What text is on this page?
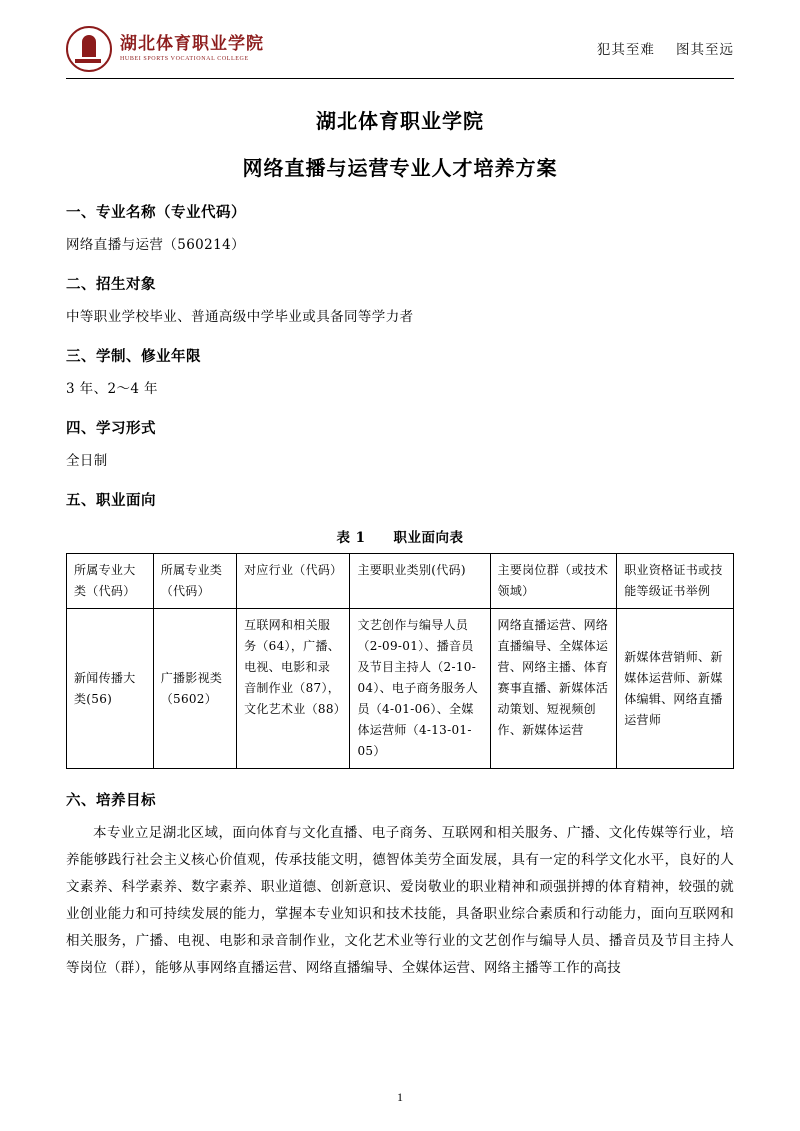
湖北体育职业学院
HUBEI SPORTS VOCATIONAL COLLEGE
犯其至难    图其至远
湖北体育职业学院
网络直播与运营专业人才培养方案
一、专业名称（专业代码）
网络直播与运营（560214）
二、招生对象
中等职业学校毕业、普通高级中学毕业或具备同等学力者
三、学制、修业年限
3 年、2～4 年
四、学习形式
全日制
五、职业面向
表 1　　职业面向表
所属专业大类（代码）	所属专业类（代码）	对应行业（代码）	主要职业类别(代码)	主要岗位群（或技术领域）	职业资格证书或技能等级证书举例
新闻传播大类(56)	广播影视类（5602）	互联网和相关服务（64），广播、电视、电影和录音制作业（87），文化艺术业（88）	文艺创作与编导人员（2-09-01）、播音员及节目主持人（2-10-04）、电子商务服务人员（4-01-06）、全媒体运营师（4-13-01-05）	网络直播运营、网络直播编导、全媒体运营、网络主播、体育赛事直播、新媒体活动策划、短视频创作、新媒体运营	新媒体营销师、新媒体运营师、新媒体编辑、网络直播运营师
六、培养目标
本专业立足湖北区域，面向体育与文化直播、电子商务、互联网和相关服务、广播、文化传媒等行业，培养能够践行社会主义核心价值观，传承技能文明，德智体美劳全面发展，具有一定的科学文化水平，良好的人文素养、科学素养、数字素养、职业道德、创新意识、爱岗敬业的职业精神和顽强拼搏的体育精神，较强的就业创业能力和可持续发展的能力，掌握本专业知识和技术技能，具备职业综合素质和行动能力，面向互联网和相关服务，广播、电视、电影和录音制作业，文化艺术业等行业的文艺创作与编导人员、播音员及节目主持人等岗位（群），能够从事网络直播运营、网络直播编导、全媒体运营、网络主播等工作的高技
1
